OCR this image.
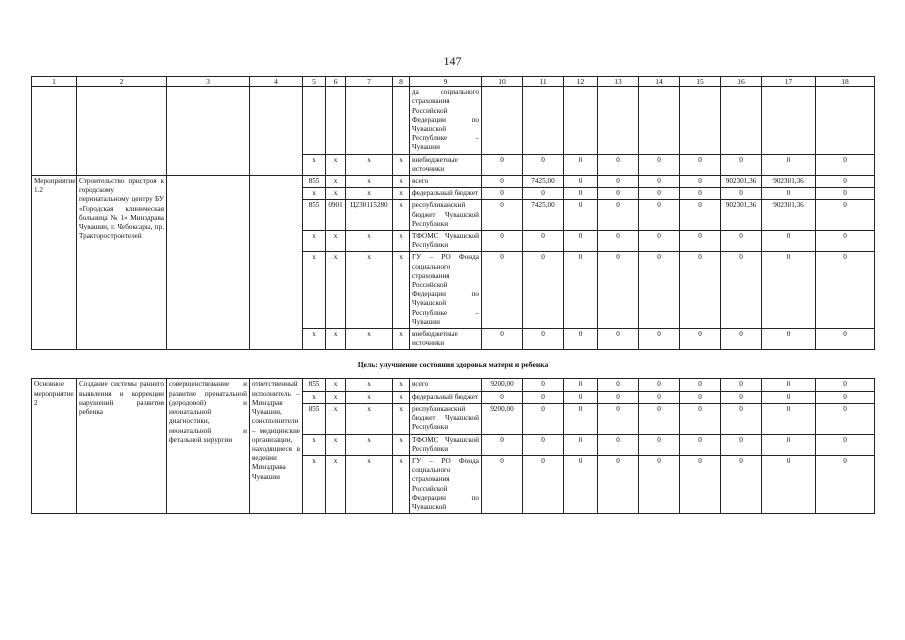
147
1	2	3	4	5	6	7	8	9	10	11	12	13	14	15	16	17	18
								да социального страхования Российской Федерации по Чувашской Республике – Чувашии									
				x	x	x	x	внебюджетные источники	0	0	0	0	0	0	0	0	0
Мероприятие 1.2	Строительство пристроя к городскому перинатальному центру БУ «Городская клиническая больница № 1» Минздрава Чувашии, г. Чебоксары, пр. Тракторостроителей			855	x	x	x	всего	0	7425,00	0	0	0	0	902301,36	902301,36	0
				x	x	x	x	федеральный бюджет	0	0	0	0	0	0	0	0	0
				855	0901	Ц230115280	x	республиканский бюджет Чувашской Республики	0	7425,00	0	0	0	0	902301,36	902301,36	0
				x	x	x	x	ТФОМС Чувашской Республики	0	0	0	0	0	0	0	0	0
				x	x	x	x	ГУ – РО Фонда социального страхования Российской Федерации по Чувашской Республике – Чувашии	0	0	0	0	0	0	0	0	0
				x	x	x	x	внебюджетные источники	0	0	0	0	0	0	0	0	0
Цель: улучшение состояния здоровья матери и ребенка																	
Основное мероприятие 2	Создание системы раннего выявления и коррекции нарушений развития ребенка	совершенствование и развитие пренатальной (дородовой) и неонатальной диагностики, неонатальной и фетальной хирургии	ответственный исполнитель – Минздрав Чувашии, соисполнители – медицинские организации, находящиеся в ведении Минздрава Чувашии	855	x	x	x	всего	9200,00	0	0	0	0	0	0	0	0
				x	x	x	x	федеральный бюджет	0	0	0	0	0	0	0	0	0
				855	x	x	x	республиканский бюджет Чувашской Республики	9200,00	0	0	0	0	0	0	0	0
				x	x	x	x	ТФОМС Чувашской Республики	0	0	0	0	0	0	0	0	0
				x	x	x	x	ГУ – РО Фонда социального страхования Российской Федерации по Чувашской	0	0	0	0	0	0	0	0	0
